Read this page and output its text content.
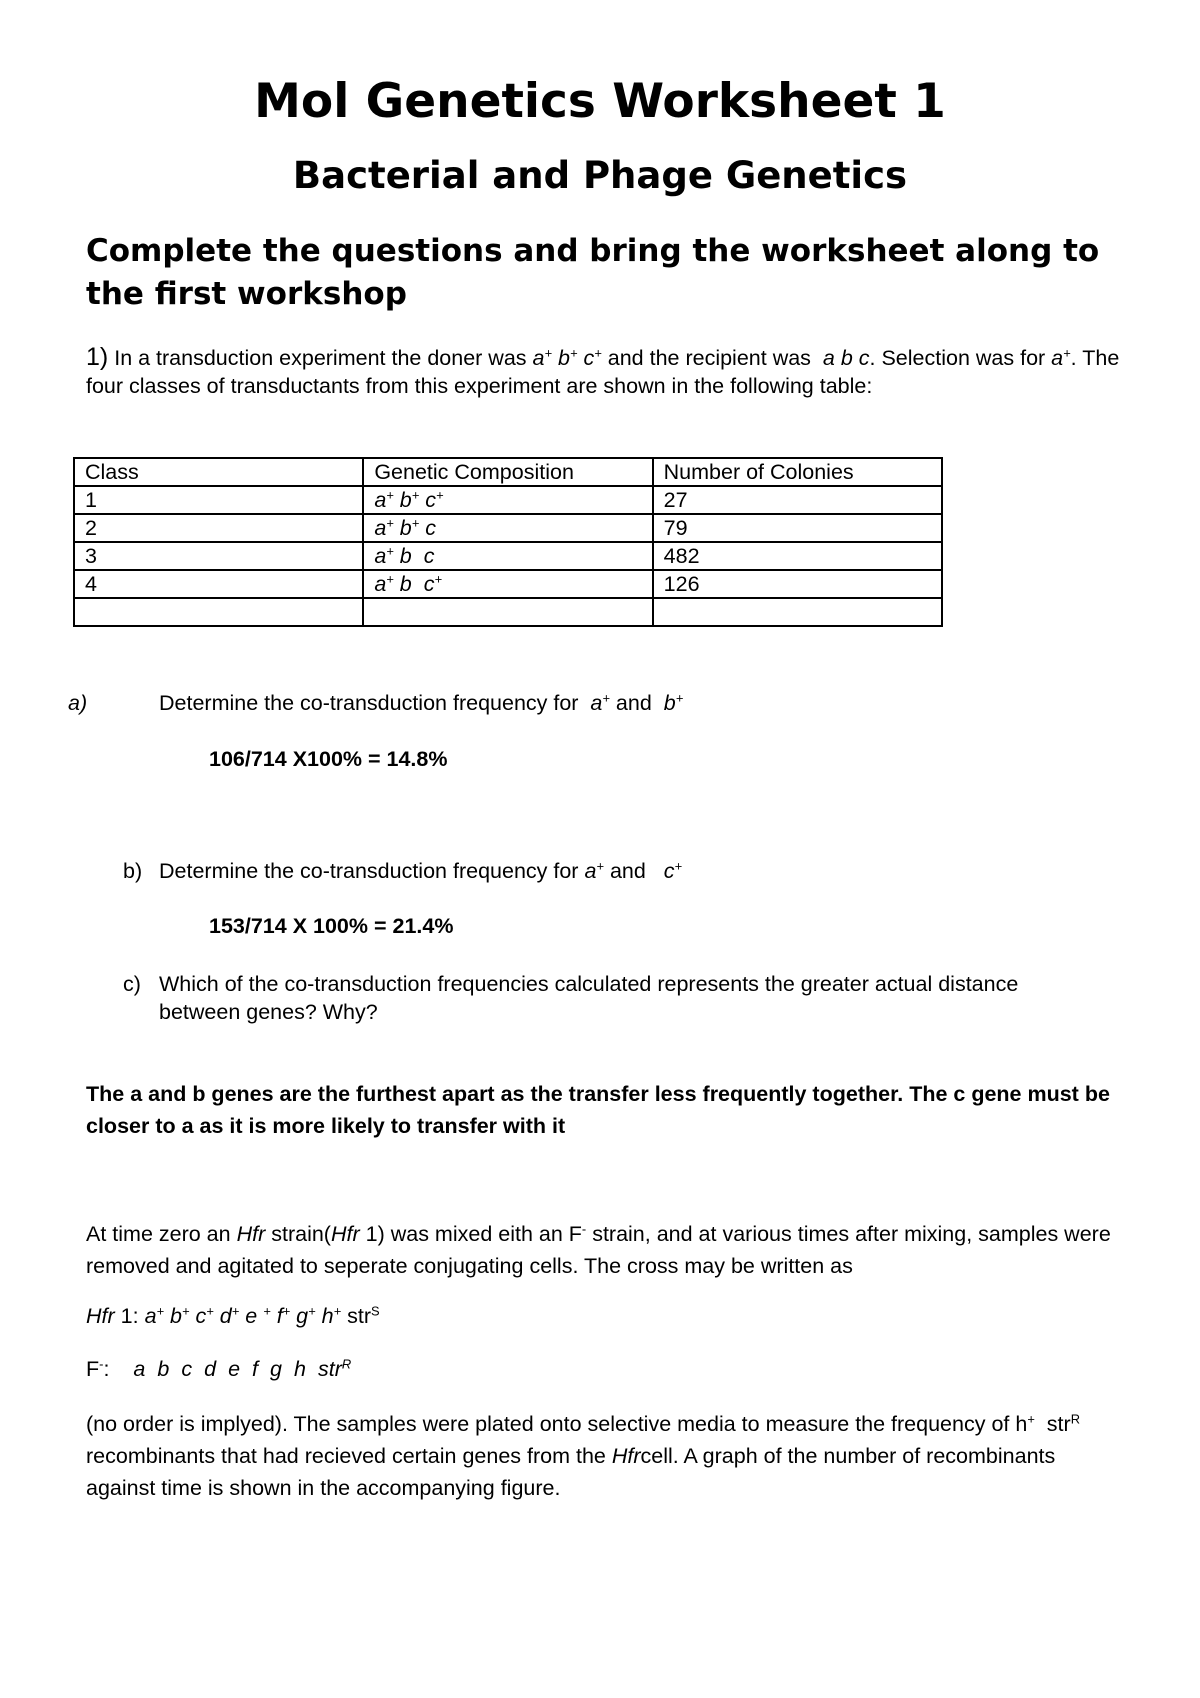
Mol Genetics Worksheet 1
Bacterial and Phage Genetics
Complete the questions and bring the worksheet along to the first workshop
1) In a transduction experiment the doner was a+ b+ c+ and the recipient was a b c. Selection was for a+. The four classes of transductants from this experiment are shown in the following table:
Class	Genetic Composition	Number of Colonies
1	a+ b+ c+	27
2	a+ b+ c	79
3	a+ b  c	482
4	a+ b  c+	126

a)	Determine the co-transduction frequency for a+ and b+
106/714 X100% = 14.8%
b) Determine the co-transduction frequency for a+ and c+
153/714 X 100% = 21.4%
c) Which of the co-transduction frequencies calculated represents the greater actual distance between genes? Why?
The a and b genes are the furthest apart as the transfer less frequently together. The c gene must be closer to a as it is more likely to transfer with it
At time zero an Hfr strain(Hfr 1) was mixed eith an F- strain, and at various times after mixing, samples were removed and agitated to seperate conjugating cells. The cross may be written as
Hfr 1: a+ b+ c+ d+ e + f+ g+ h+ str$^S$
F-: a b c d e f g h str$^R$
(no order is implyed). The samples were plated onto selective media to measure the frequency of h+ str$^R$ recombinants that had recieved certain genes from the Hfrcell. A graph of the number of recombinants against time is shown in the accompanying figure.
